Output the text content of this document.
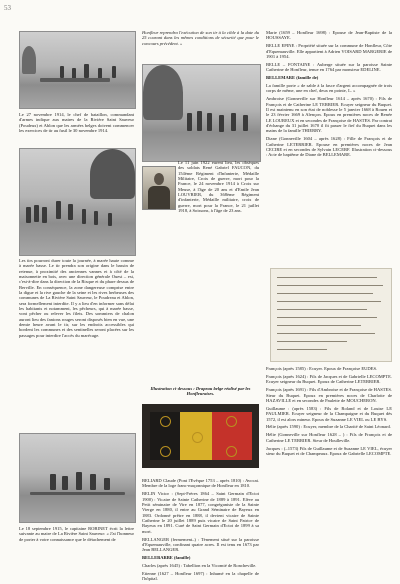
53

Le 27 novembre 1914, le chef de bataillon, commandant d'armes indique aux maires de la Rivière Saint Sauveur (Poudeux) et Ablon que les armées belges doivent commencer les exercices de tir au fusil le 30 novembre 1914.

Les tirs pourront durer toute la journée, à marée haute comme à marée basse. Le tir prendra son origine dans le bassin de retenue, à proximité des anciennes vannes et à côté de la maisonnette en bois, avec une direction générale Ouest – est, c'est-à-dire dans la direction de la Risque et du phare dessus de Berville. En conséquence, la zone dangereuse comprise entre la digue et la rive gauche de la seine et les rives herbeuses des communes de La Rivière Saint Sauveur, le Poudreau et Ablon, sera formellement interdite. Il y a lieu d'en informer sans délai les habitants et notamment, les pêcheurs, qui à marée basse, vont pêcher ou relever les filets. Des sommiers de chalon auront lieu des fanions rouges seront disposés bien en vue, une demie heure avant le tir, sur les endroits accessibles qui bordent les communes et des sentinelles seront placées sur les passages pour interdire l'accès du marécage.

Le 18 septembre 1915, le capitaine ROBINET écrit la lettre suivante au maire de La Rivière Saint Sauveur: « J'ai l'honneur de porter à votre connaissance que le détachement de

Honfleur reprendra l'exécution de son tir à la cible à la date du 25 courant dans les mêmes conditions de sécurité que pour le concours précédent. »

Le 11 juin 1922 eurent lieu, les obsèques des soldats René Gabriel FAUCON, du 154ème Régiment d'Infanterie, Médaille Militaire, Croix de guerre, mort pour la France, le 24 novembre 1914 à Croix sur Meuse, à l'âge de 20 ans et d'Emile Jean LOUVRIER, du 368ème Régiment d'infanterie, Médaille militaire, croix de guerre, mort pour la France, le 21 juillet 1918, à Soissons, à l'âge de 23 ans.

Illustration ci-dessous : Drapeau belge réalisé par les Honfleuraises.

BELIARD Claude (Pont l'Evêque 1753 – après 1810) : Avocat. Membre de la loge franc-maçonnique de Honfleur en 1810.

BELIN Victor : (Sept-Frères 1864 – Saint Germain d'Ectot 1900) : Vicaire de Sainte Catherine de 1889 à 1891. Elève au Petit séminaire de Vire en 1877, congréganiste de la Sainte Vierge en 1880, il entre au Grand Séminaire de Bayeux en 1883. Ordonné prêtre en 1888, il devient vicaire de Sainte Catherine le 20 juillet 1889 puis vicaire de Saint Patrice de Bayeux en 1891. Curé de Saint Germain d'Ectot de 1899 à sa mort.

BELLANGER (fermement–) : Tènement situé sur la paroisse d'Equemauville, confinant quatre acres. Il est tenu en 1673 par Jean BELLANGER.

BELLEBARBE (famille)

Charles (après 1645) : Tabellion en la Vicomté de Roncheville.

Etienne (1627 – Honfleur 1697) : Inhumé en la chapelle de l'hôpital.

Marie (1659 – Honfleur 1698) : Epouse de Jean-Baptiste de la HOUSSAYE.

BELLE EPINE : Propriété située sur la commune de Honfleur, Côte d'Equemauville. Elle appartient à Adrien VOISARD MARGERIE de 1901 à 1954.

BELLE – FONTAINE : Auberge située sur la paroisse Sainte Catherine de Honfleur, tenue en 1764 par monsieur EDELINE.

BELLEMARE (famille de)

La famille porte « de sable à la fasce d'argent accompagnée de trois corps de même, une en chef, deux en pointe, L. »

Ambroise (Gonneville sur Honfleur 1614 – après 1670) : Fils de François et de Catherine LE TERRIER. Ecuyer seigneur du Buquet. Il est maintenu en son état de noblesse le 5 janvier 1668 à Rouen et le 23 février 1669 à Alençon. Epoux en premières noces de Renée LE LOUREUX et en secondes de Françoise de HASTES. Par contrat d'échange du 31 juillet 1670 il fit passer le fief du Buquet dans les mains de la famille THIERRY.

Diane (Gonneville 1604 – après 1628) : Fille de François et de Catherine LETERRIER. Epouse en premières noces de Jean CECIRE et en secondes de Sylvain LECERF. Illustration ci-dessous : Acte de baptême de Diane de BELLEMARE.

François (après 1585) : Ecuyer. Epoux de Françoise EUDES.

François (après 1624) : Fils de Jacques et de Gabrielle LECOMPTE. Ecuyer seigneur du Buquet. Epoux de Catherine LETERRIER.

François (après 1691) : Fils d'Ambroise et de Françoise de HASTES. Sieur du Buquet. Epoux en premières noces de Charlotte de HAZAVILLE et en secondes de Paulette de MOUCHERON.

Guillaume : (après 1583) : Fils de Roland et de Louise LE PAULMIER. Ecuyer seigneur de la Champaigne et du Buquet dès 1572, il est alors mineur. Epoux de Suzanne LE VIEL ou LE BYS.

Hélie (après 1590) : Ecuyer, membre de la Charité de Saint Léonard.

Hélie (Gonneville sur Honfleur 1628 – ) : Fils de François et de Catherine LE TERRIER. Sieur de Houlleville.

Jacques : (–1573) Fils de Guillaume et de Suzanne LE VIEL, écuyer sieur du Buquet et de Champeaux. Epoux de Gabrielle LECOMPTE.
